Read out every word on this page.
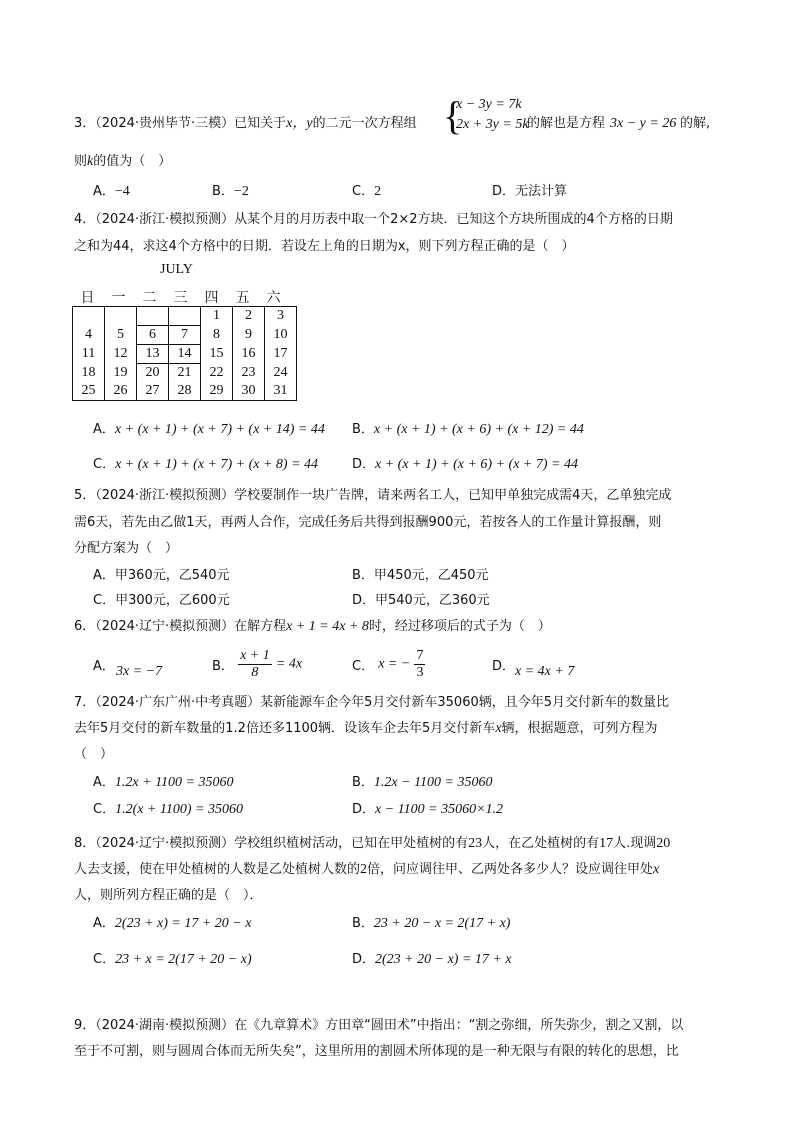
3．（2024·贵州毕节·三模）已知关于x，y的二元一次方程组 {
x − 3y = 7k
2x + 3y = 5k
的解也是方程 3x − y = 26 的解,
则k的值为（　）
A．−4	B．−2	C．2	D．无法计算
4．（2024·浙江·模拟预测）从某个月的月历表中取一个2×2方块．已知这个方块所围成的4个方格的日期
之和为44，求这4个方格中的日期．若设左上角的日期为x，则下列方程正确的是（　）
JULY
日 一 二 三 四 五 六
				1	2	3
4	5	6	7	8	9	10
11	12	13	14	15	16	17
18	19	20	21	22	23	24
25	26	27	28	29	30	31
A．x + (x + 1) + (x + 7) + (x + 14) = 44 B．x + (x + 1) + (x + 6) + (x + 12) = 44
C．x + (x + 1) + (x + 7) + (x + 8) = 44	D．x + (x + 1) + (x + 6) + (x + 7) = 44
5．（2024·浙江·模拟预测）学校要制作一块广告牌，请来两名工人，已知甲单独完成需4天，乙单独完成
需6天，若先由乙做1天，再两人合作，完成任务后共得到报酬900元，若按各人的工作量计算报酬，则
分配方案为（　）
A．甲360元，乙540元	B．甲450元，乙450元
C．甲300元，乙600元	D．甲540元，乙360元
6．（2024·辽宁·模拟预测）在解方程x + 1 = 4x + 8时，经过移项后的式子为（　）
A． 3x = −7	B． $\frac{x + 1}{8} = 4x$	C． x = − $\frac{7}{3}$	D． x = 4x + 7
7．（2024·广东广州·中考真题）某新能源车企今年5月交付新车35060辆，且今年5月交付新车的数量比
去年5月交付的新车数量的1.2倍还多1100辆．设该车企去年5月交付新车x辆，根据题意，可列方程为
（　）
A．1.2x + 1100 = 35060	B．1.2x − 1100 = 35060
C．1.2(x + 1100) = 35060	D．x − 1100 = 35060×1.2
8．（2024·辽宁·模拟预测）学校组织植树活动，已知在甲处植树的有23人，在乙处植树的有17人.现调20
人去支援，使在甲处植树的人数是乙处植树人数的2倍，问应调往甲、乙两处各多少人？设应调往甲处x
人，则所列方程正确的是（　）．
A．2(23 + x) = 17 + 20 − x	B．23 + 20 − x = 2(17 + x)
C．23 + x = 2(17 + 20 − x)	D．2(23 + 20 − x) = 17 + x
9．（2024·湖南·模拟预测）在《九章算术》方田章“圆田术”中指出：“割之弥细，所失弥少，割之又割，以
至于不可割，则与圆周合体而无所失矣”，这里所用的割圆术所体现的是一种无限与有限的转化的思想，比
